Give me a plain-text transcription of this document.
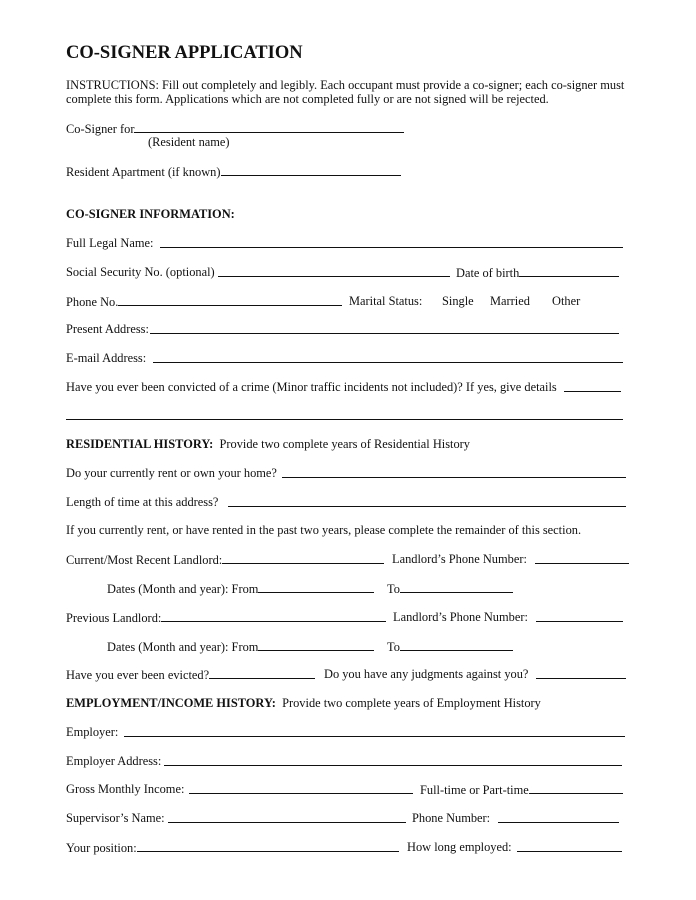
CO-SIGNER APPLICATION
INSTRUCTIONS: Fill out completely and legibly. Each occupant must provide a co-signer; each co-signer must complete this form. Applications which are not completed fully or are not signed will be rejected.
Co-Signer for
(Resident name)
Resident Apartment (if known)
CO-SIGNER INFORMATION:
Full Legal Name:
Social Security No. (optional)	Date of birth
Phone No.	Marital Status: Single Married Other
Present Address:
E-mail Address:
Have you ever been convicted of a crime (Minor traffic incidents not included)? If yes, give details
RESIDENTIAL HISTORY: Provide two complete years of Residential History
Do your currently rent or own your home?
Length of time at this address?
If you currently rent, or have rented in the past two years, please complete the remainder of this section.
Current/Most Recent Landlord:	Landlord’s Phone Number:
Dates (Month and year): From	To
Previous Landlord:	Landlord’s Phone Number:
Dates (Month and year): From	To
Have you ever been evicted?	Do you have any judgments against you?
EMPLOYMENT/INCOME HISTORY: Provide two complete years of Employment History
Employer:
Employer Address:
Gross Monthly Income:	Full-time or Part-time
Supervisor’s Name:	Phone Number:
Your position:	How long employed:
